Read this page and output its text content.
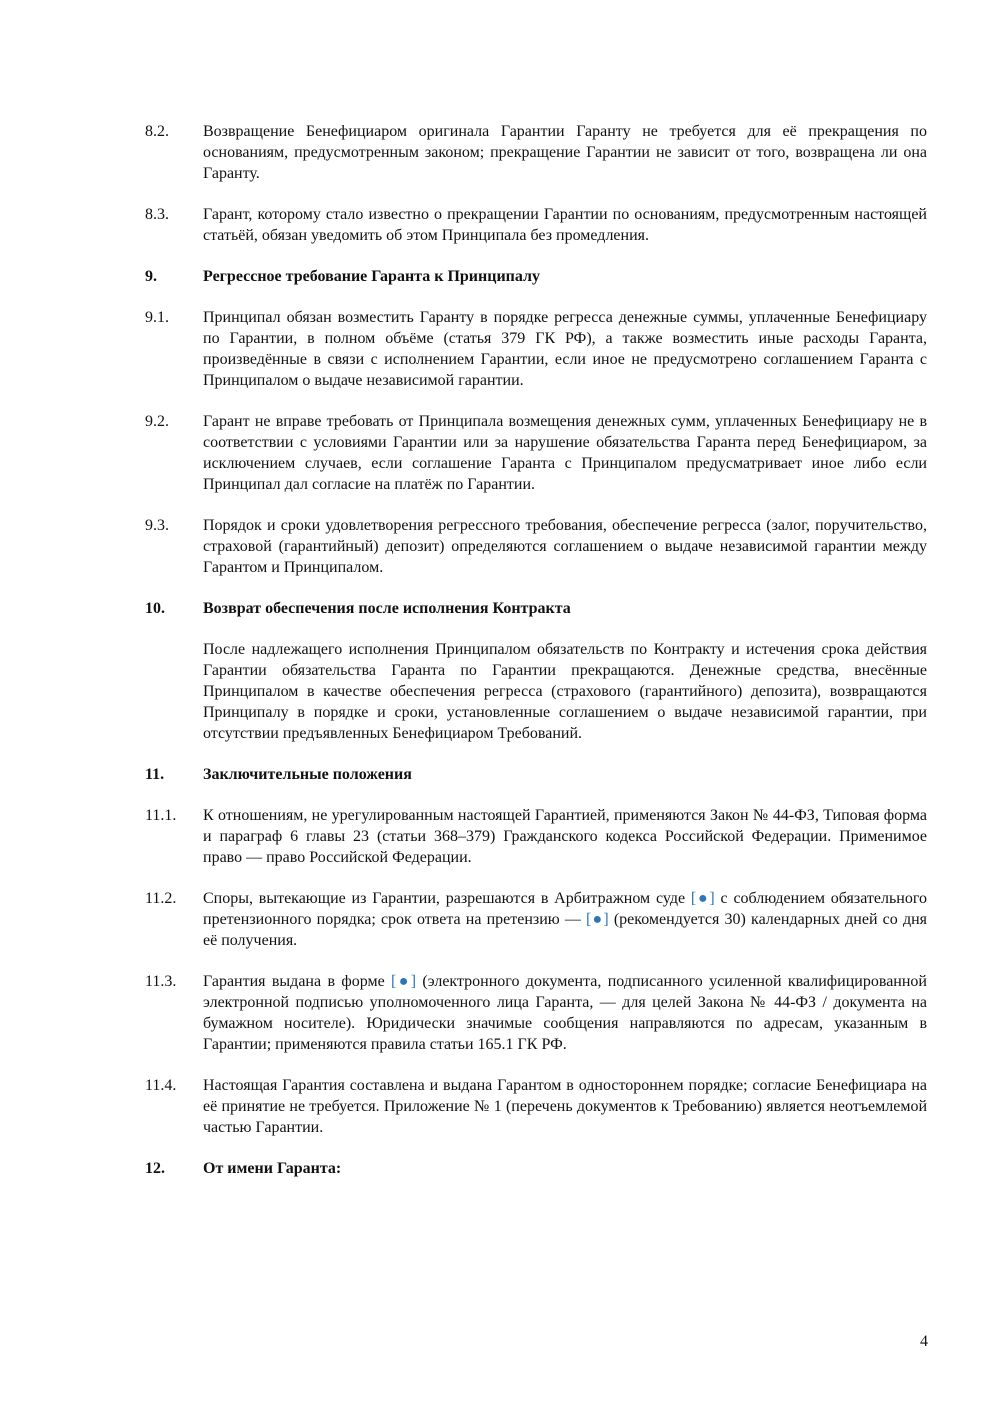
8.2. Возвращение Бенефициаром оригинала Гарантии Гаранту не требуется для её прекращения по основаниям, предусмотренным законом; прекращение Гарантии не зависит от того, возвращена ли она Гаранту.
8.3. Гарант, которому стало известно о прекращении Гарантии по основаниям, предусмотренным настоящей статьёй, обязан уведомить об этом Принципала без промедления.
9.	Регрессное требование Гаранта к Принципалу
9.1. Принципал обязан возместить Гаранту в порядке регресса денежные суммы, уплаченные Бенефициару по Гарантии, в полном объёме (статья 379 ГК РФ), а также возместить иные расходы Гаранта, произведённые в связи с исполнением Гарантии, если иное не предусмотрено соглашением Гаранта с Принципалом о выдаче независимой гарантии.
9.2. Гарант не вправе требовать от Принципала возмещения денежных сумм, уплаченных Бенефициару не в соответствии с условиями Гарантии или за нарушение обязательства Гаранта перед Бенефициаром, за исключением случаев, если соглашение Гаранта с Принципалом предусматривает иное либо если Принципал дал согласие на платёж по Гарантии.
9.3. Порядок и сроки удовлетворения регрессного требования, обеспечение регресса (залог, поручительство, страховой (гарантийный) депозит) определяются соглашением о выдаче независимой гарантии между Гарантом и Принципалом.
10. Возврат обеспечения после исполнения Контракта
После надлежащего исполнения Принципалом обязательств по Контракту и истечения срока действия Гарантии обязательства Гаранта по Гарантии прекращаются. Денежные средства, внесённые Принципалом в качестве обеспечения регресса (страхового (гарантийного) депозита), возвращаются Принципалу в порядке и сроки, установленные соглашением о выдаче независимой гарантии, при отсутствии предъявленных Бенефициаром Требований.
11. Заключительные положения
11.1. К отношениям, не урегулированным настоящей Гарантией, применяются Закон № 44-ФЗ, Типовая форма и параграф 6 главы 23 (статьи 368–379) Гражданского кодекса Российской Федерации. Применимое право — право Российской Федерации.
11.2. Споры, вытекающие из Гарантии, разрешаются в Арбитражном суде [●] с соблюдением обязательного претензионного порядка; срок ответа на претензию — [●] (рекомендуется 30) календарных дней со дня её получения.
11.3. Гарантия выдана в форме [●] (электронного документа, подписанного усиленной квалифицированной электронной подписью уполномоченного лица Гаранта, — для целей Закона № 44-ФЗ / документа на бумажном носителе). Юридически значимые сообщения направляются по адресам, указанным в Гарантии; применяются правила статьи 165.1 ГК РФ.
11.4. Настоящая Гарантия составлена и выдана Гарантом в одностороннем порядке; согласие Бенефициара на её принятие не требуется. Приложение № 1 (перечень документов к Требованию) является неотъемлемой частью Гарантии.
12. От имени Гаранта:
4
